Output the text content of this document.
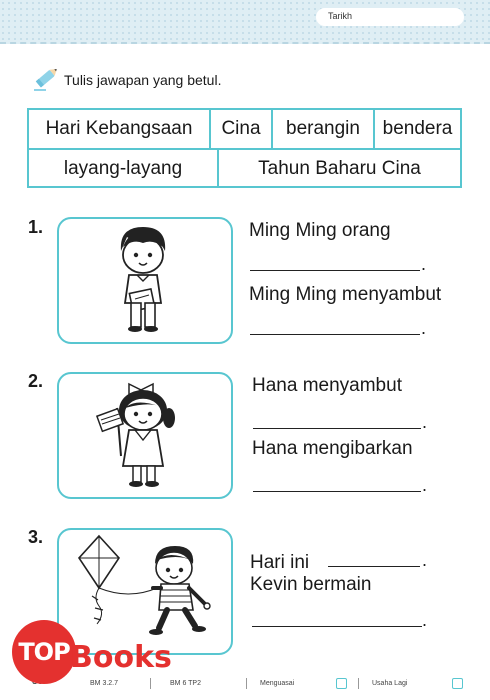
Tarikh
Tulis jawapan yang betul.
Hari Kebangsaan	Cina	berangin	bendera
layang-layang	Tahun Baharu Cina
1.	Ming Ming orang
.
Ming Ming menyambut
.
2.	Hana menyambut
.
Hana mengibarkan
.
3.
Hari ini	.
Kevin bermain
.
BM 3.2.7	BM 6 TP2	Menguasai	Usaha Lagi
TOP Books
